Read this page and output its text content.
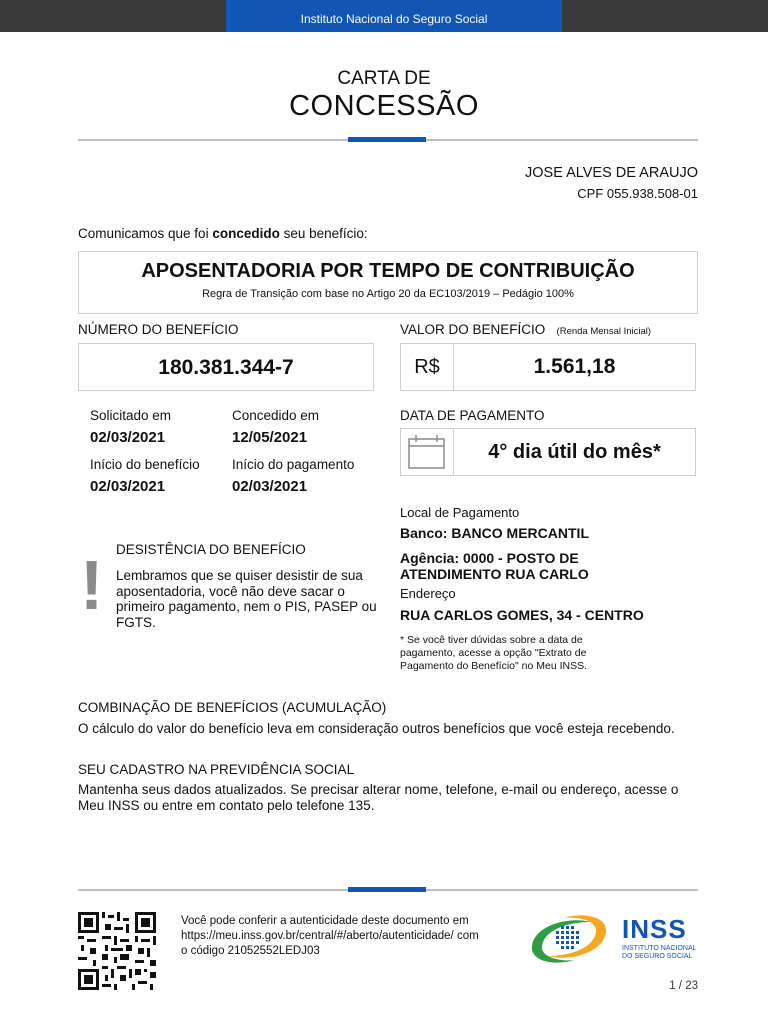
Instituto Nacional do Seguro Social
CARTA DE
CONCESSÃO
JOSE ALVES DE ARAUJO
CPF 055.938.508-01
Comunicamos que foi concedido seu benefício:
APOSENTADORIA POR TEMPO DE CONTRIBUIÇÃO
Regra de Transição com base no Artigo 20 da EC103/2019 – Pedágio 100%
NÚMERO DO BENEFÍCIO	VALOR DO BENEFÍCIO (Renda Mensal Inicial)
180.381.344-7	R$	1.561,18
Solicitado em
02/03/2021
Concedido em
12/05/2021
Início do benefício
02/03/2021
Início do pagamento
02/03/2021
DATA DE PAGAMENTO
4° dia útil do mês*
Local de Pagamento
Banco: BANCO MERCANTIL
Agência: 0000 - POSTO DE
ATENDIMENTO RUA CARLO
Endereço
RUA CARLOS GOMES, 34 - CENTRO
* Se você tiver dúvidas sobre a data de pagamento, acesse a opção "Extrato de Pagamento do Benefício" no Meu INSS.
! DESISTÊNCIA DO BENEFÍCIO
Lembramos que se quiser desistir de sua aposentadoria, você não deve sacar o primeiro pagamento, nem o PIS, PASEP ou FGTS.
COMBINAÇÃO DE BENEFÍCIOS (ACUMULAÇÃO)
O cálculo do valor do benefício leva em consideração outros benefícios que você esteja recebendo.
SEU CADASTRO NA PREVIDÊNCIA SOCIAL
Mantenha seus dados atualizados. Se precisar alterar nome, telefone, e-mail ou endereço, acesse o Meu INSS ou entre em contato pelo telefone 135.
Você pode conferir a autenticidade deste documento em
https://meu.inss.gov.br/central/#/aberto/autenticidade/ com
o código 21052552LEDJ03
INSS
INSTITUTO NACIONAL
DO SEGURO SOCIAL
1 / 23
